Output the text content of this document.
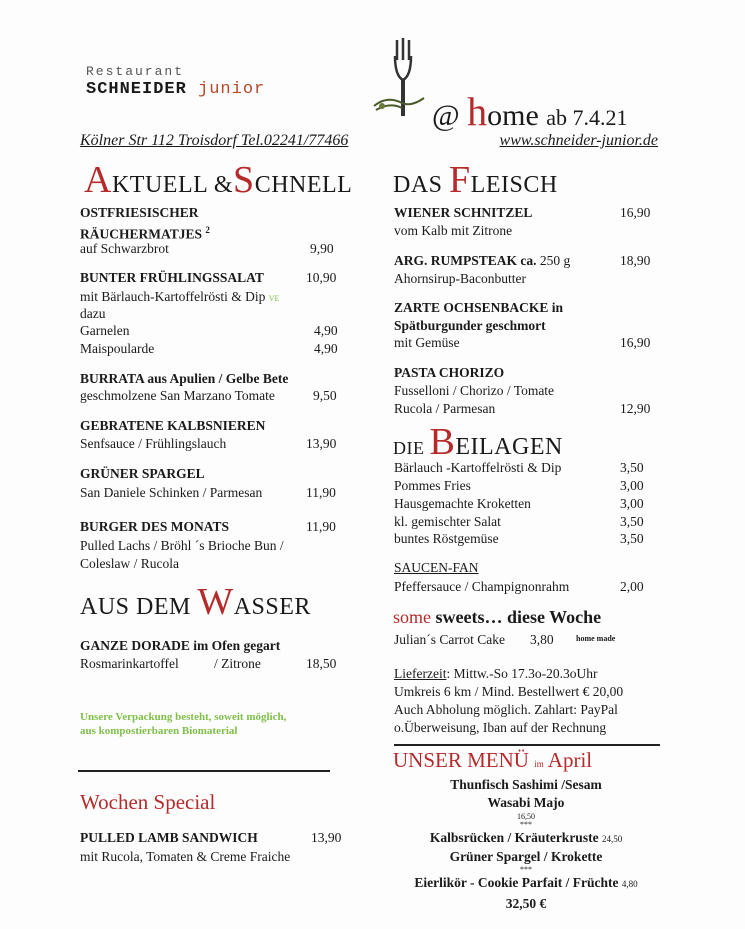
Restaurant
SCHNEIDER junior
@ home ab 7.4.21
Kölner Str 112 Troisdorf Tel.02241/77466	www.schneider-junior.de
AKTUELL &SCHNELL
OSTFRIESISCHER
RÄUCHERMATJES $^2$
auf Schwarzbrot	9,90
BUNTER FRÜHLINGSSALAT	10,90
mit Bärlauch-Kartoffelrösti & Dip VE
dazu
Garnelen	4,90
Maispoularde	4,90
BURRATA aus Apulien / Gelbe Bete
geschmolzene San Marzano Tomate	9,50
GEBRATENE KALBSNIEREN
Senfsauce / Frühlingslauch	13,90
GRÜNER SPARGEL
San Daniele Schinken / Parmesan	11,90
BURGER DES MONATS	11,90
Pulled Lachs / Bröhl ´s Brioche Bun /
Coleslaw / Rucola
AUS DEM WASSER
GANZE DORADE im Ofen gegart
Rosmarinkartoffel	/ Zitrone	18,50
Unsere Verpackung besteht, soweit möglich,
aus kompostierbaren Biomaterial
Wochen Special
PULLED LAMB SANDWICH	13,90
mit Rucola, Tomaten & Creme Fraiche
DAS FLEISCH
WIENER SCHNITZEL	16,90
vom Kalb mit Zitrone
ARG. RUMPSTEAK ca. 250 g	18,90
Ahornsirup-Baconbutter
ZARTE OCHSENBACKE in
Spätburgunder geschmort
mit Gemüse	16,90
PASTA CHORIZO
Fusselloni / Chorizo / Tomate
Rucola / Parmesan	12,90
DIE BEILAGEN
Bärlauch -Kartoffelrösti & Dip	3,50
Pommes Fries	3,00
Hausgemachte Kroketten	3,00
kl. gemischter Salat	3,50
buntes Röstgemüse	3,50
SAUCEN-FAN
Pfeffersauce / Champignonrahm	2,00
some sweets… diese Woche
Julian´s Carrot Cake 3,80	home made
Lieferzeit: Mittw.-So 17.3o-20.3oUhr
Umkreis 6 km / Mind. Bestellwert € 20,00
Auch Abholung möglich. Zahlart: PayPal
o.Überweisung, Iban auf der Rechnung
UNSER MENÜ im April
Thunfisch Sashimi /Sesam
Wasabi Majo
16,50
***
Kalbsrücken / Kräuterkruste 24,50
Grüner Spargel / Krokette
***
Eierlikör - Cookie Parfait / Früchte 4,80
32,50 €
